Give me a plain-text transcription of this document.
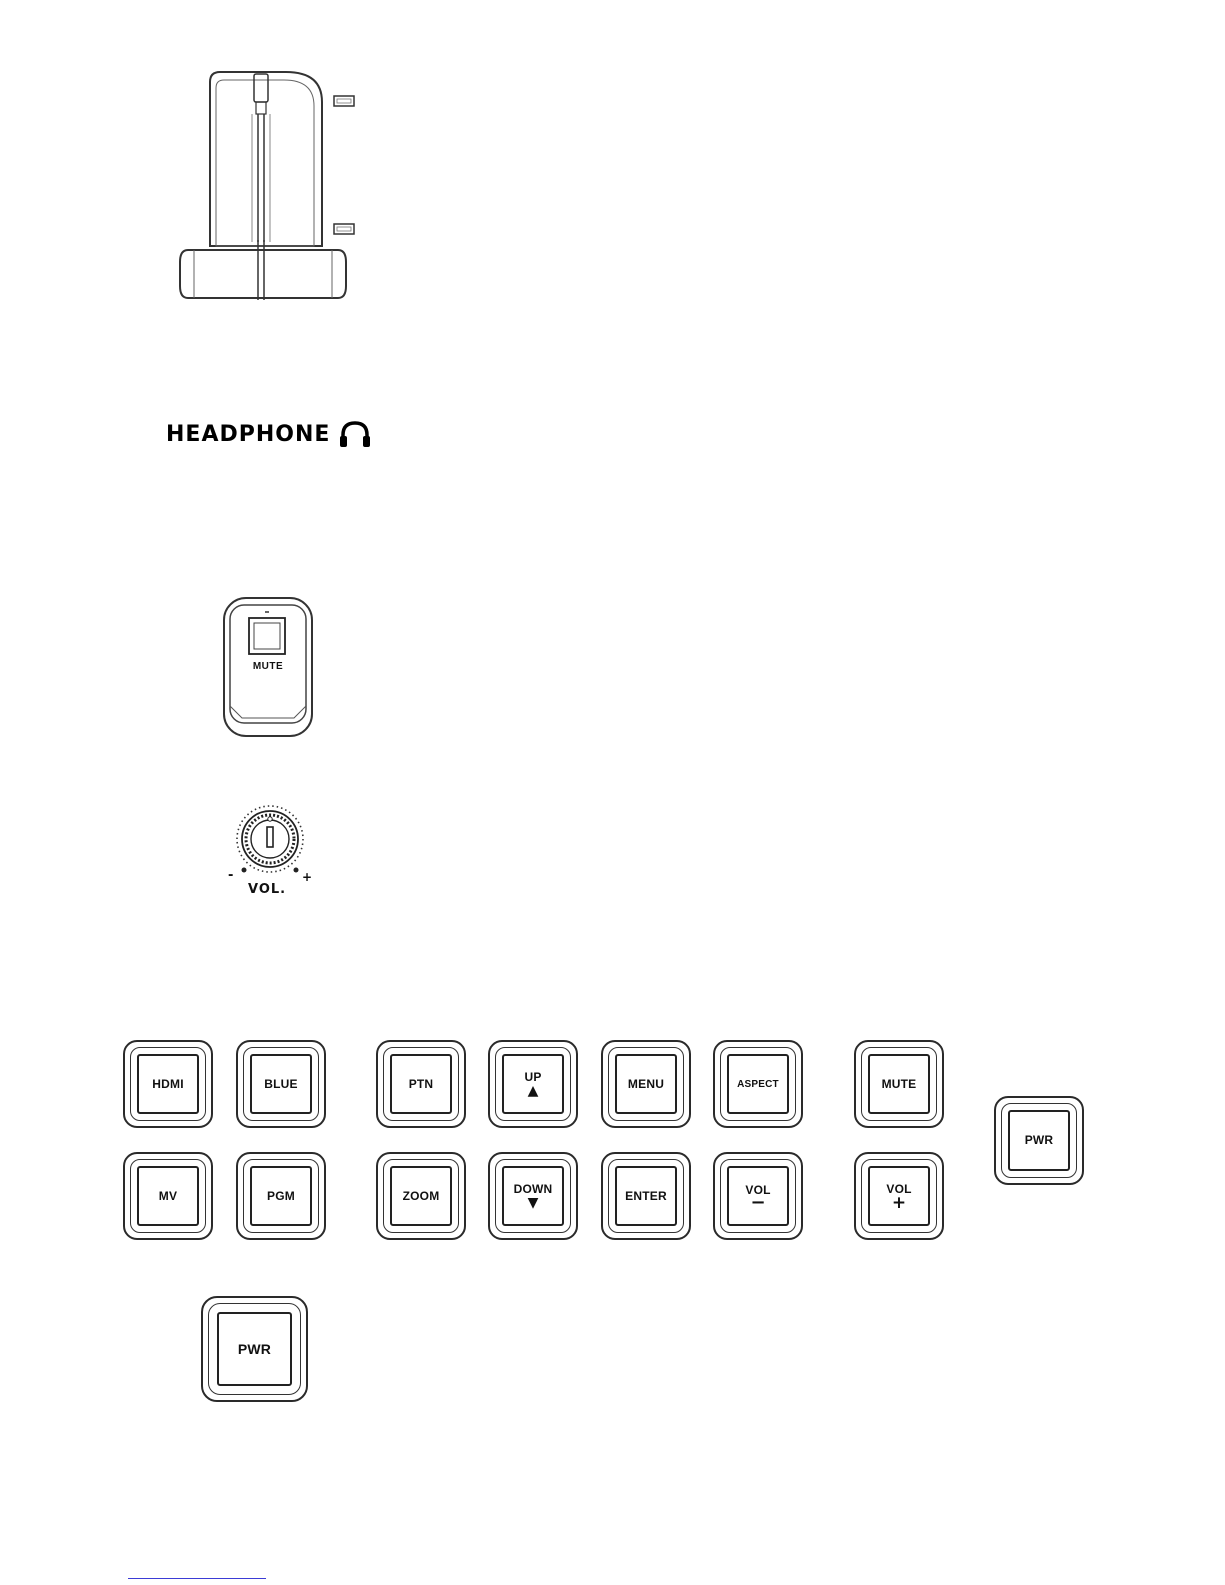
HEADPHONE
MUTE
-	+
VOL.
HDMI	BLUE	PTN	UP
▲	MENU	ASPECT	MUTE
PWR
MV	PGM	ZOOM	DOWN
▼	ENTER	VOL
−
VOL
+
PWR
